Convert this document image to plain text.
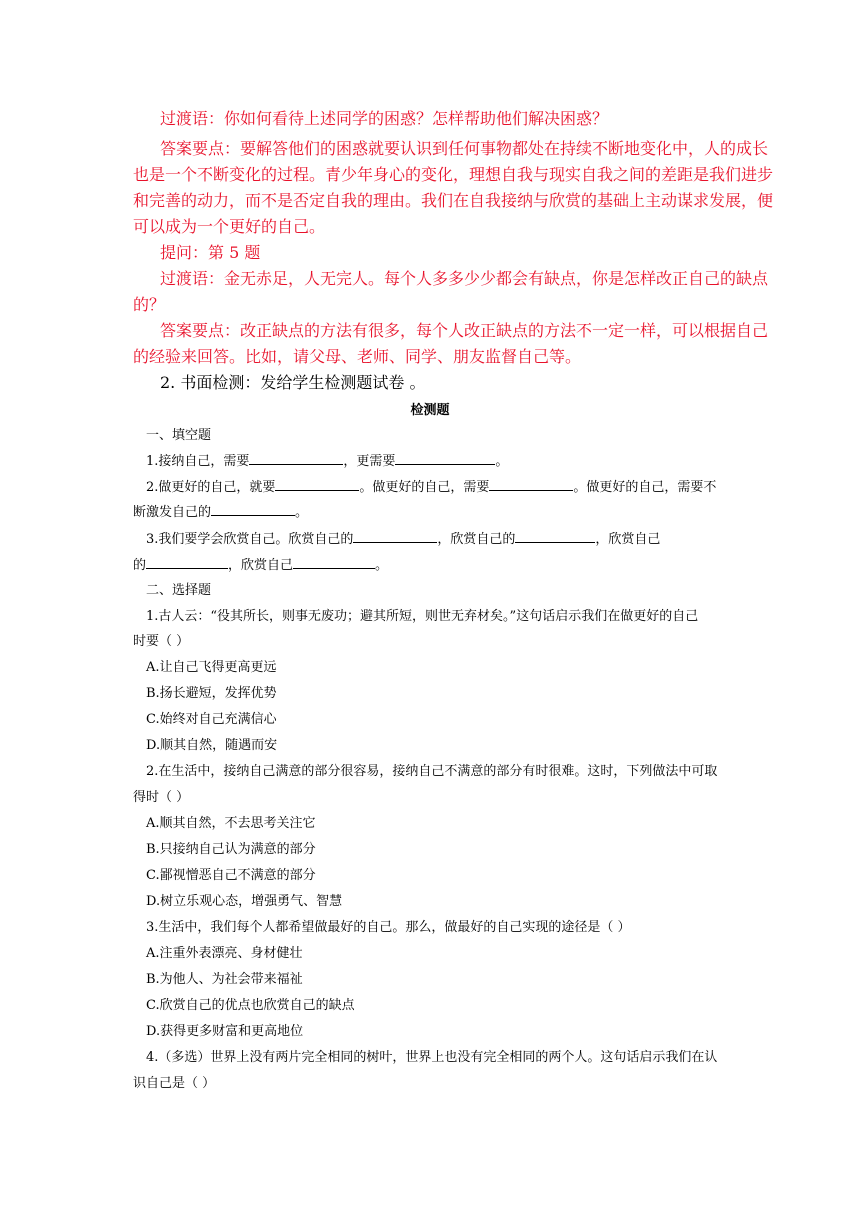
过渡语：你如何看待上述同学的困惑？怎样帮助他们解决困惑？
答案要点：要解答他们的困惑就要认识到任何事物都处在持续不断地变化中，人的成长
也是一个不断变化的过程。青少年身心的变化，理想自我与现实自我之间的差距是我们进步
和完善的动力，而不是否定自我的理由。我们在自我接纳与欣赏的基础上主动谋求发展，便
可以成为一个更好的自己。
提问：第 5 题
过渡语：金无赤足，人无完人。每个人多多少少都会有缺点，你是怎样改正自己的缺点
的？
答案要点：改正缺点的方法有很多，每个人改正缺点的方法不一定一样，可以根据自己
的经验来回答。比如，请父母、老师、同学、朋友监督自己等。
2. 书面检测：发给学生检测题试卷 。
检测题
一、填空题
1.接纳自己，需要	，更需要	。
2.做更好的自己，就要	。做更好的自己，需要	。做更好的自己，需要不
断激发自己的	。
3.我们要学会欣赏自己。欣赏自己的	，欣赏自己的	，欣赏自己
的	，欣赏自己	。
二、选择题
1.古人云：“役其所长，则事无废功；避其所短，则世无弃材矣。”这句话启示我们在做更好的自己
时要（ ）
A.让自己飞得更高更远
B.扬长避短，发挥优势
C.始终对自己充满信心
D.顺其自然，随遇而安
2.在生活中，接纳自己满意的部分很容易，接纳自己不满意的部分有时很难。这时，下列做法中可取
得时（ ）
A.顺其自然，不去思考关注它
B.只接纳自己认为满意的部分
C.鄙视憎恶自己不满意的部分
D.树立乐观心态，增强勇气、智慧
3.生活中，我们每个人都希望做最好的自己。那么，做最好的自己实现的途径是（ ）
A.注重外表漂亮、身材健壮
B.为他人、为社会带来福祉
C.欣赏自己的优点也欣赏自己的缺点
D.获得更多财富和更高地位
4.（多选）世界上没有两片完全相同的树叶，世界上也没有完全相同的两个人。这句话启示我们在认
识自己是（ ）
